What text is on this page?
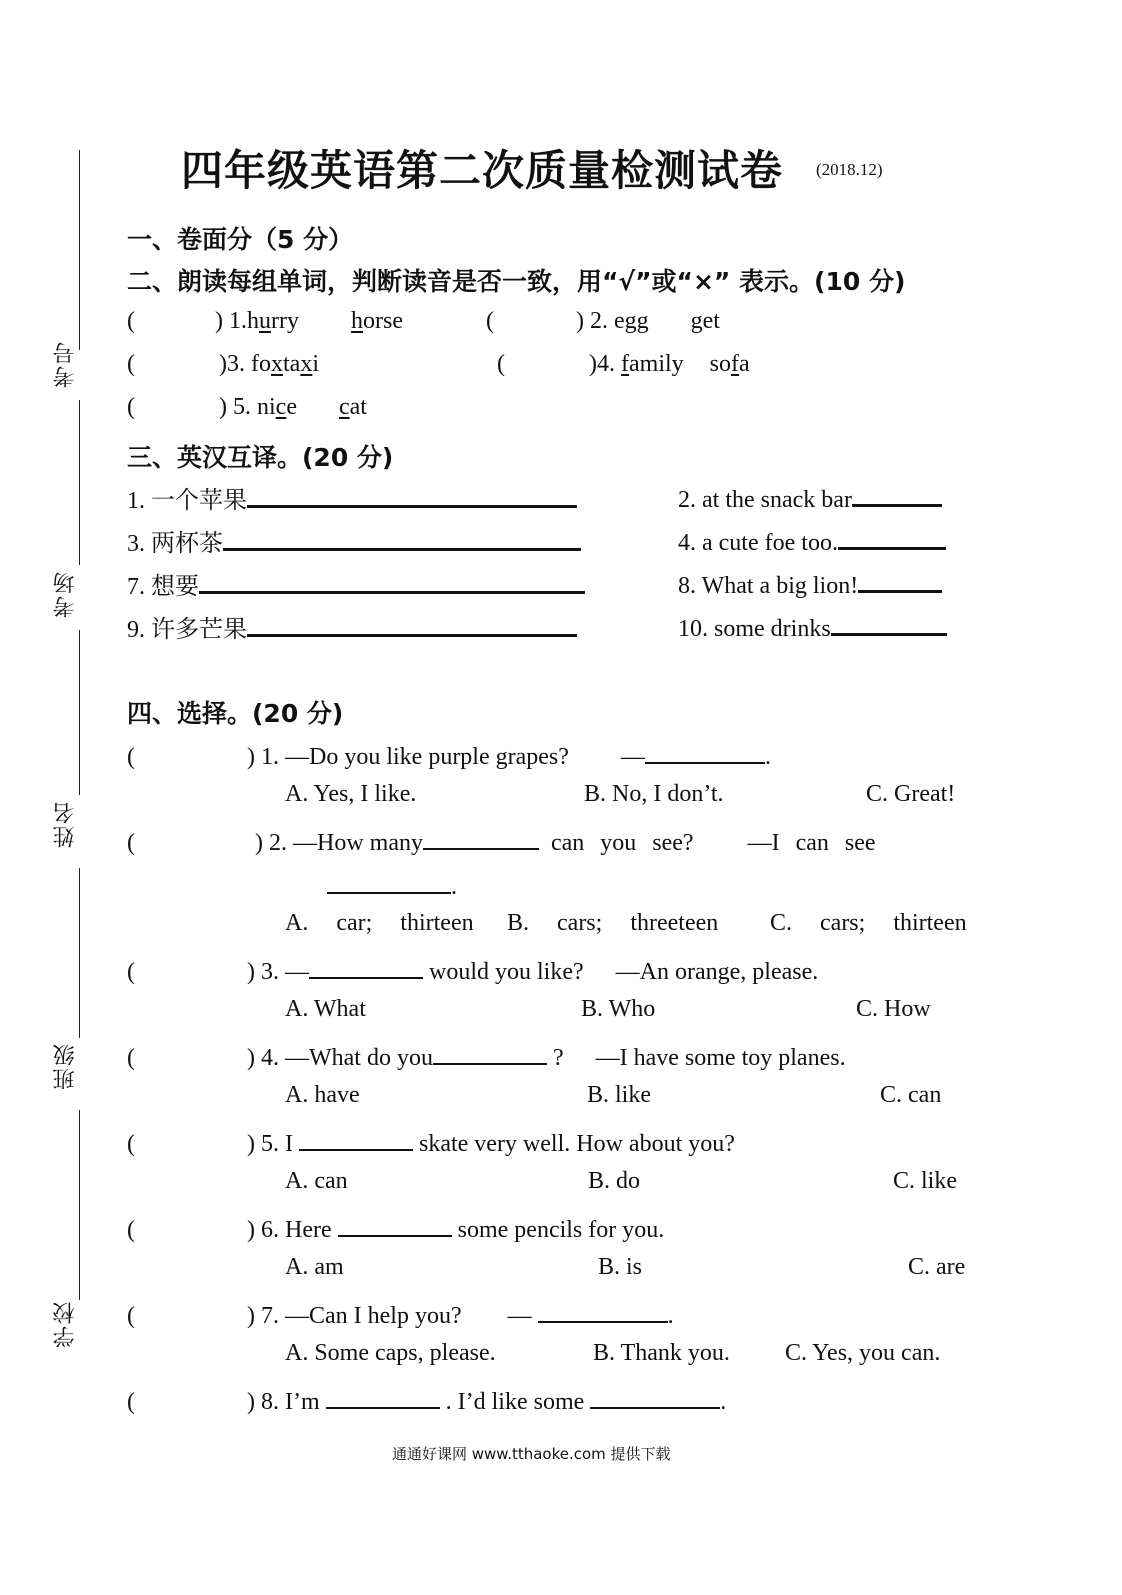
考号
考场
姓名
班级
学校
四年级英语第二次质量检测试卷 (2018.12)
一、卷面分（5 分）
二、朗读每组单词，判断读音是否一致，用“√”或“×” 表示。(10 分)
(	) 1.hurry horse	(	) 2. egg get
(	)3. foxtaxi	(	)4. family sofa
(	) 5. nice cat
三、英汉互译。(20 分)
1. 一个苹果	2. at the snack bar
3. 两杯茶	4. a cute foe too.
7. 想要	8. What a big lion!
9. 许多芒果	10. some drinks
四、选择。(20 分)
(	) 1. —Do you like purple grapes? —	.
A. Yes, I like.	B. No, I don’t.	C. Great!
(	) 2. —How many	can you see? —I can see
.
A. car; thirteen B. cars; threeteen C. cars; thirteen
(	) 3. —	would you like? —An orange, please.
A. What	B. Who	C. How
(	) 4. —What do you	? —I have some toy planes.
A. have	B. like	C. can
(	) 5. I	skate very well. How about you?
A. can	B. do	C. like
(	) 6. Here	some pencils for you.
A. am	B. is	C. are
(	) 7. —Can I help you? —	.
A. Some caps, please.	B. Thank you. C. Yes, you can.
(	) 8. I’m	. I’d like some	.
通通好课网 www.tthaoke.com 提供下载
